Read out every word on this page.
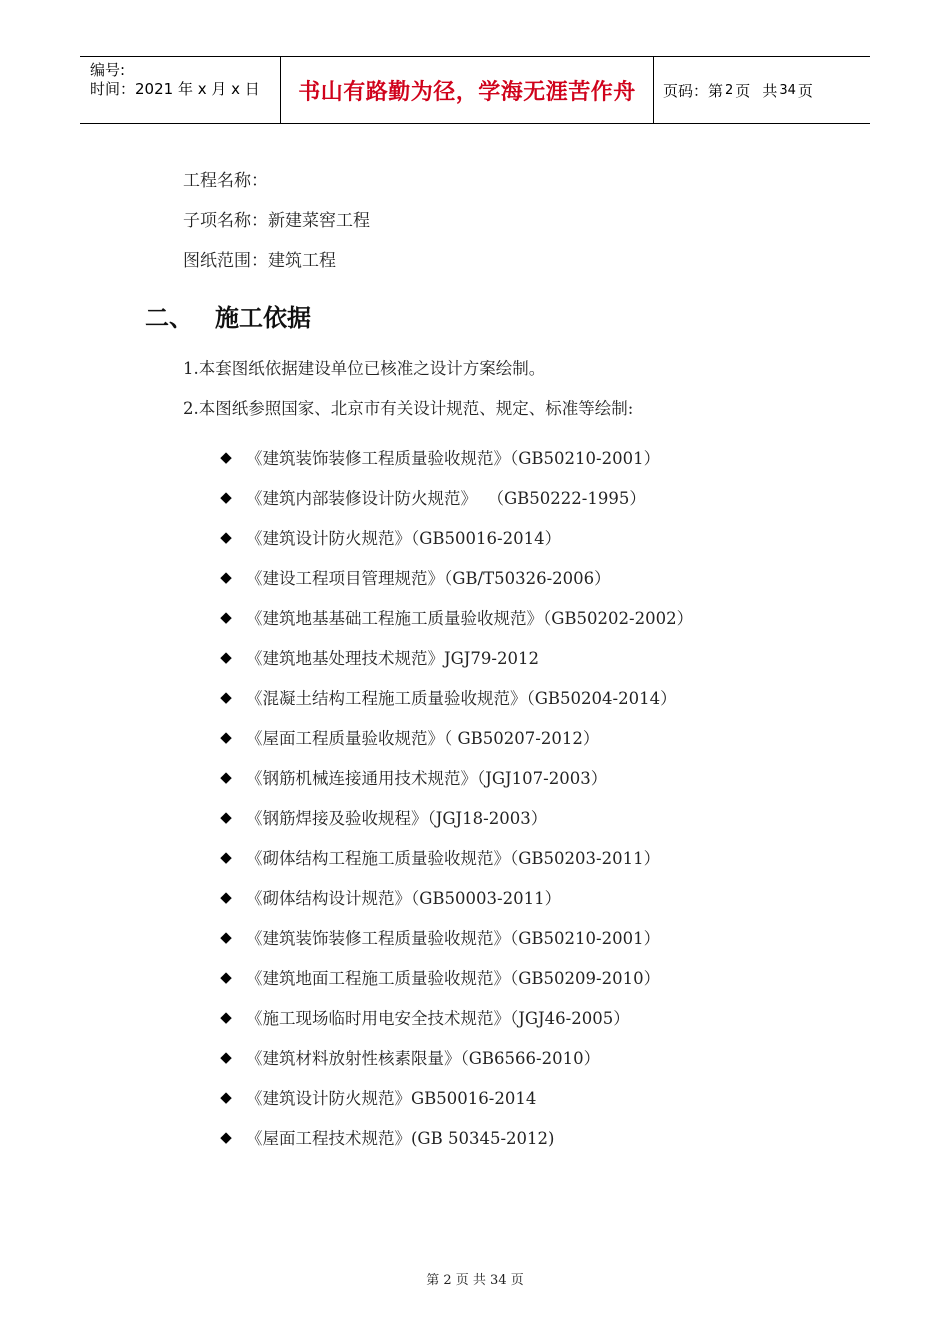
编号:
时间：2021 年 x 月 x 日	书山有路勤为径，学海无涯苦作舟	页码：第 2 页 共 34 页
工程名称：
子项名称：新建菜窖工程
图纸范围：建筑工程
二、 施工依据
1.本套图纸依据建设单位已核准之设计方案绘制。
2.本图纸参照国家、北京市有关设计规范、规定、标准等绘制:
◆ 《建筑装饰装修工程质量验收规范》（GB50210-2001）
◆ 《建筑内部装修设计防火规范》  （GB50222-1995）
◆ 《建筑设计防火规范》（GB50016-2014）
◆ 《建设工程项目管理规范》（GB/T50326-2006）
◆ 《建筑地基基础工程施工质量验收规范》（GB50202-2002）
◆ 《建筑地基处理技术规范》JGJ79-2012
◆ 《混凝土结构工程施工质量验收规范》（GB50204-2014）
◆ 《屋面工程质量验收规范》（ GB50207-2012）
◆ 《钢筋机械连接通用技术规范》（JGJ107-2003）
◆ 《钢筋焊接及验收规程》（JGJ18-2003）
◆ 《砌体结构工程施工质量验收规范》（GB50203-2011）
◆ 《砌体结构设计规范》（GB50003-2011）
◆ 《建筑装饰装修工程质量验收规范》（GB50210-2001）
◆ 《建筑地面工程施工质量验收规范》（GB50209-2010）
◆ 《施工现场临时用电安全技术规范》（JGJ46-2005）
◆ 《建筑材料放射性核素限量》（GB6566-2010）
◆ 《建筑设计防火规范》GB50016-2014
◆ 《屋面工程技术规范》(GB 50345-2012)
第 2 页 共 34 页
